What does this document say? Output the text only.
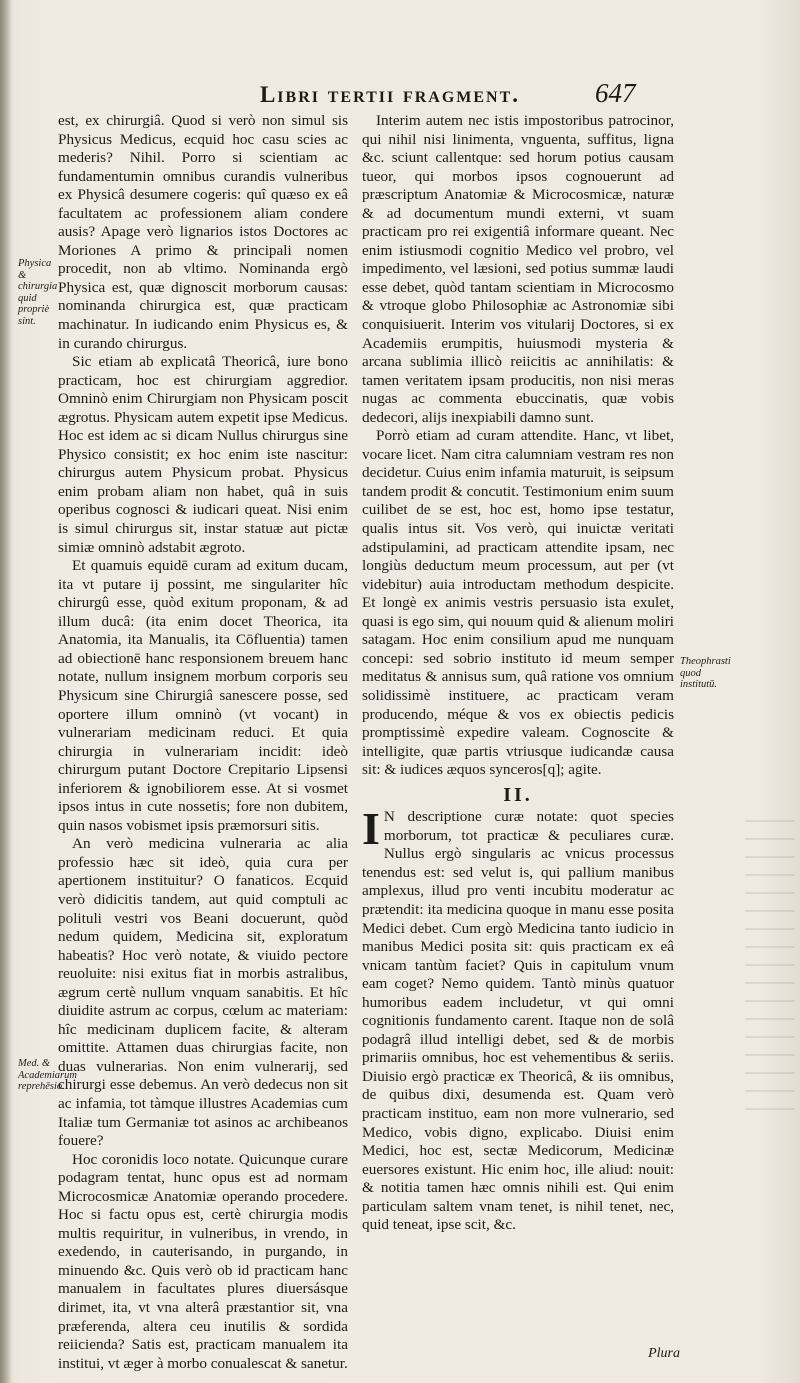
Libri tertii fragment.	647

est, ex chirurgiâ. Quod si verò non simul sis Physicus Medicus, ecquid hoc casu scies ac mederis? Nihil. Porro si scientiam ac fundamentumin omnibus curandis vulneribus ex Physicâ desumere cogeris: quî quæso ex eâ facultatem ac professionem aliam condere ausis? Apage verò lignarios istos Doctores ac Moriones A primo & principali nomen procedit, non ab vltimo. Nominanda ergò Physica est, quæ dignoscit morborum causas: nominanda chirurgica est, quæ practicam machinatur. In iudicando enim Physicus es, & in curando chirurgus.

Sic etiam ab explicatâ Theoricâ, iure bono practicam, hoc est chirurgiam aggredior. Omninò enim Chirurgiam non Physicam poscit ægrotus. Physicam autem expetit ipse Medicus. Hoc est idem ac si dicam Nullus chirurgus sine Physico consistit; ex hoc enim iste nascitur: chirurgus autem Physicum probat. Physicus enim probam aliam non habet, quâ in suis operibus cognosci & iudicari queat. Nisi enim is simul chirurgus sit, instar statuæ aut pictæ simiæ omninò adstabit ægroto.

Et quamuis equidē curam ad exitum ducam, ita vt putare ij possint, me singulariter hîc chirurgû esse, quòd exitum proponam, & ad illum ducâ: (ita enim docet Theorica, ita Anatomia, ita Manualis, ita Cōfluentia) tamen ad obiectionē hanc responsionem breuem hanc notate, nullum insignem morbum corporis seu Physicum sine Chirurgiâ sanescere posse, sed oportere illum omninò (vt vocant) in vulnerariam medicinam reduci. Et quia chirurgia in vulnerariam incidit: ideò chirurgum putant Doctore Crepitario Lipsensi inferiorem & ignobiliorem esse. At si vosmet ipsos intus in cute nossetis; fore non dubitem, quin nasos vobismet ipsis præmorsuri sitis.

An verò medicina vulneraria ac alia professio hæc sit ideò, quia cura per apertionem instituitur? O fanaticos. Ecquid verò didicitis tandem, aut quid comptuli ac polituli vestri vos Beani docuerunt, quòd nedum quidem, Medicina sit, exploratum habeatis? Hoc verò notate, & viuido pectore reuoluite: nisi exitus fiat in morbis astralibus, ægrum certè nullum vnquam sanabitis. Et hîc diuidite astrum ac corpus, cœlum ac materiam: hîc medicinam duplicem facite, & alteram omittite. Attamen duas chirurgias facite, non duas vulnerarias. Non enim vulnerarij, sed chirurgi esse debemus. An verò dedecus non sit ac infamia, tot tàmque illustres Academias cum Italiæ tum Germaniæ tot asinos ac archibeanos fouere?

Hoc coronidis loco notate. Quicunque curare podagram tentat, hunc opus est ad normam Microcosmicæ Anatomiæ operando procedere. Hoc si factu opus est, certè chirurgia modis multis requiritur, in vulneribus, in vrendo, in exedendo, in cauterisando, in purgando, in minuendo &c. Quis verò ob id practicam hanc manualem in facultates plures diuersásque dirimet, ita, vt vna alterâ præstantior sit, vna præferenda, altera ceu inutilis & sordida reiicienda? Satis est, practicam manualem ita institui, vt æger à morbo conualescat & sanetur.

Interim autem nec istis impostoribus patrocinor, qui nihil nisi linimenta, vnguenta, suffitus, ligna &c. sciunt callentque: sed horum potius causam tueor, qui morbos ipsos cognouerunt ad præscriptum Anatomiæ & Microcosmicæ, naturæ & ad documentum mundi externi, vt suam practicam pro rei exigentiâ informare queant. Nec enim istiusmodi cognitio Medico vel probro, vel impedimento, vel læsioni, sed potius summæ laudi esse debet, quòd tantam scientiam in Microcosmo & vtroque globo Philosophiæ ac Astronomiæ sibi conquisiuerit. Interim vos vitularij Doctores, si ex Academiis erumpitis, huiusmodi mysteria & arcana sublimia illicò reiicitis ac annihilatis: & tamen veritatem ipsam producitis, non nisi meras nugas ac commenta ebuccinatis, quæ vobis dedecori, alijs inexpiabili damno sunt.

Porrò etiam ad curam attendite. Hanc, vt libet, vocare licet. Nam citra calumniam vestram res non decidetur. Cuius enim infamia maturuit, is seipsum tandem prodit & concutit. Testimonium enim suum cuilibet de se est, hoc est, homo ipse testatur, qualis intus sit. Vos verò, qui inuictæ veritati adstipulamini, ad practicam attendite ipsam, nec longiùs deductum meum processum, aut per (vt videbitur) auia introductam methodum despicite. Et longè ex animis vestris persuasio ista exulet, quasi is ego sim, qui nouum quid & alienum moliri satagam. Hoc enim consilium apud me nunquam concepi: sed sobrio instituto id meum semper meditatus & annisus sum, quâ ratione vos omnium solidissimè instituere, ac practicam veram producendo, méque & vos ex obiectis pedicis promptissimè expedire valeam. Cognoscite & intelligite, quæ partis vtriusque iudicandæ causa sit: & iudices æquos synceros[q]; agite.

II.

I N descriptione curæ notate: quot species morborum, tot practicæ & peculiares curæ. Nullus ergò singularis ac vnicus processus tenendus est: sed velut is, qui pallium manibus amplexus, illud pro venti incubitu moderatur ac prætendit: ita medicina quoque in manu esse posita Medici debet. Cum ergò Medicina tanto iudicio in manibus Medici posita sit: quis practicam ex eâ vnicam tantùm faciet? Quis in capitulum vnum eam coget? Nemo quidem. Tantò minùs quatuor humoribus eadem includetur, vt qui omni cognitionis fundamento carent. Itaque non de solâ podagrâ illud intelligi debet, sed & de morbis primariis omnibus, hoc est vehementibus & seriis. Diuisio ergò practicæ ex Theoricâ, & iis omnibus, de quibus dixi, desumenda est. Quam verò practicam instituo, eam non more vulnerario, sed Medico, vobis digno, explicabo. Diuisi enim Medici, hoc est, sectæ Medicorum, Medicinæ euersores existunt. Hic enim hoc, ille aliud: nouit: & notitia tamen hæc omnis nihili est. Qui enim particulam saltem vnam tenet, is nihil tenet, nec, quid teneat, ipse scit, &c.

Physica & chirurgia quid propriè sint.
Med. & Academiarum reprehēsio.
Theophrasti quod institutū.
Plura
